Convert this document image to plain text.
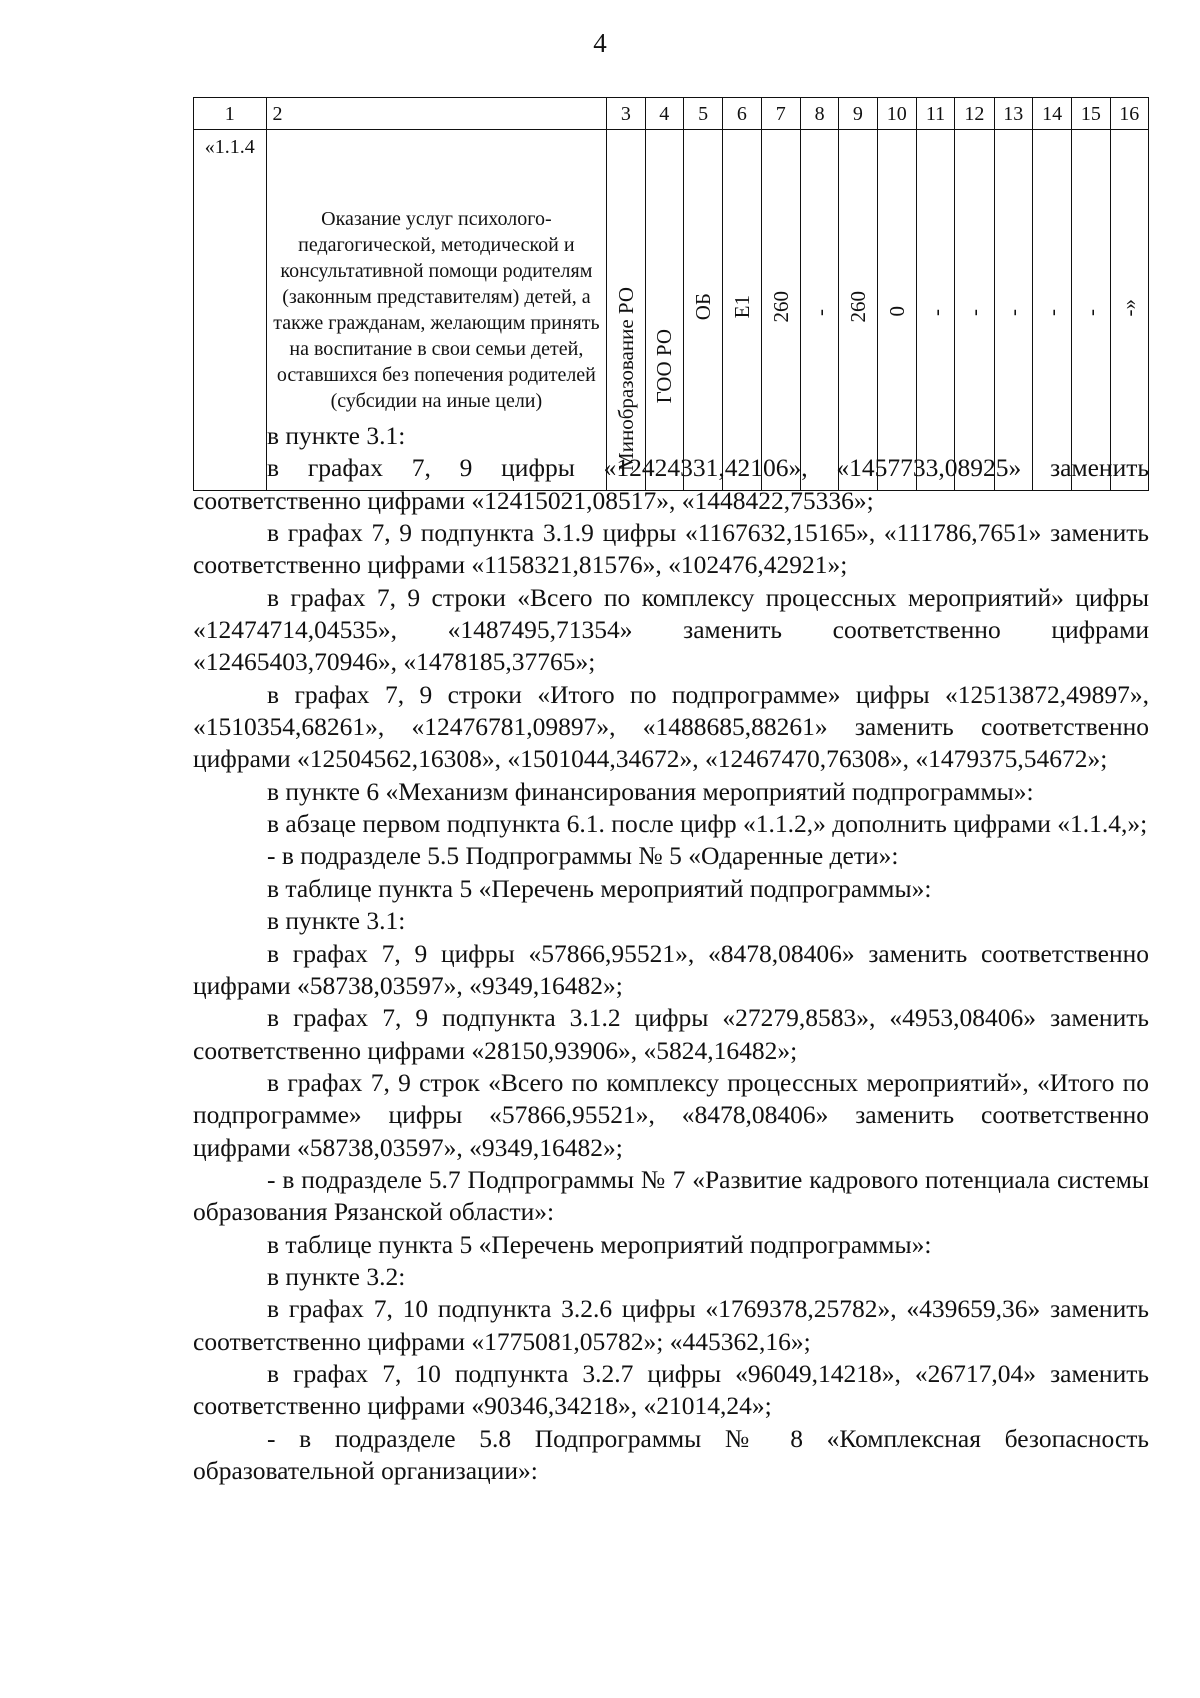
4
1	2	3	4	5	6	7	8	9	10	11	12	13	14	15	16
«1.1.4	Оказание услуг психолого-педагогической, методической и консультативной помощи родителям (законным представителям) детей, а также гражданам, желающим принять на воспитание в свои семьи детей, оставшихся без попечения родителей (субсидии на иные цели)	Минобразование РО	ГОО РО	ОБ	Е1	260	-	260	0	-	-	-	-	-	-»

в пункте 3.1:

в графах 7, 9 цифры «12424331,42106», «1457733,08925» заменить соответственно цифрами «12415021,08517», «1448422,75336»;

в графах 7, 9 подпункта 3.1.9 цифры «1167632,15165», «111786,7651» заменить соответственно цифрами «1158321,81576», «102476,42921»;

в графах 7, 9 строки «Всего по комплексу процессных мероприятий» цифры «12474714,04535», «1487495,71354» заменить соответственно цифрами «12465403,70946», «1478185,37765»;

в графах 7, 9 строки «Итого по подпрограмме» цифры «12513872,49897», «1510354,68261», «12476781,09897», «1488685,88261» заменить соответственно цифрами «12504562,16308», «1501044,34672», «12467470,76308», «1479375,54672»;

в пункте 6 «Механизм финансирования мероприятий подпрограммы»:

в абзаце первом подпункта 6.1. после цифр «1.1.2,» дополнить цифрами «1.1.4,»;

- в подразделе 5.5 Подпрограммы № 5 «Одаренные дети»:

в таблице пункта 5 «Перечень мероприятий подпрограммы»:

в пункте 3.1:

в графах 7, 9 цифры «57866,95521», «8478,08406» заменить соответственно цифрами «58738,03597», «9349,16482»;

в графах 7, 9 подпункта 3.1.2 цифры «27279,8583», «4953,08406» заменить соответственно цифрами «28150,93906», «5824,16482»;

в графах 7, 9 строк «Всего по комплексу процессных мероприятий», «Итого по подпрограмме» цифры «57866,95521», «8478,08406» заменить соответственно цифрами «58738,03597», «9349,16482»;

- в подразделе 5.7 Подпрограммы № 7 «Развитие кадрового потенциала системы образования Рязанской области»:

в таблице пункта 5 «Перечень мероприятий подпрограммы»:

в пункте 3.2:

в графах 7, 10 подпункта 3.2.6 цифры «1769378,25782», «439659,36» заменить соответственно цифрами «1775081,05782»; «445362,16»;

в графах 7, 10 подпункта 3.2.7 цифры «96049,14218», «26717,04» заменить соответственно цифрами «90346,34218», «21014,24»;

- в подразделе 5.8 Подпрограммы № 8 «Комплексная безопасность образовательной организации»:
